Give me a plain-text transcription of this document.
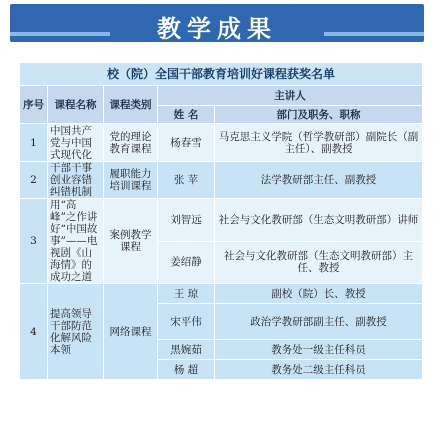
教学成果
校（院）全国干部教育培训好课程获奖名单				
序号	课程名称	课程类别	主讲人	
			姓 名	部门及职务、职称
1	中国共产党与中国式现代化	党的理论教育课程	杨春雪	马克思主义学院（哲学教研部）副院长（副主任）、副教授
2	干部干事创业容错纠错机制	履职能力培训课程	张 苹	法学教研部主任、副教授
3	用“高峰”之作讲好“中国故事”——电视剧《山海情》的成功之道	案例教学课程	刘智远	社会与文化教研部（生态文明教研部）讲师
			姜绍静	社会与文化教研部（生态文明教研部）主任、教授
4	提高领导干部防范化解风险本领	网络课程	王 琼	副校（院）长、教授
			宋平伟	政治学教研部副主任、副教授
			黑婉茹	教务处一级主任科员
			杨 超	教务处二级主任科员
